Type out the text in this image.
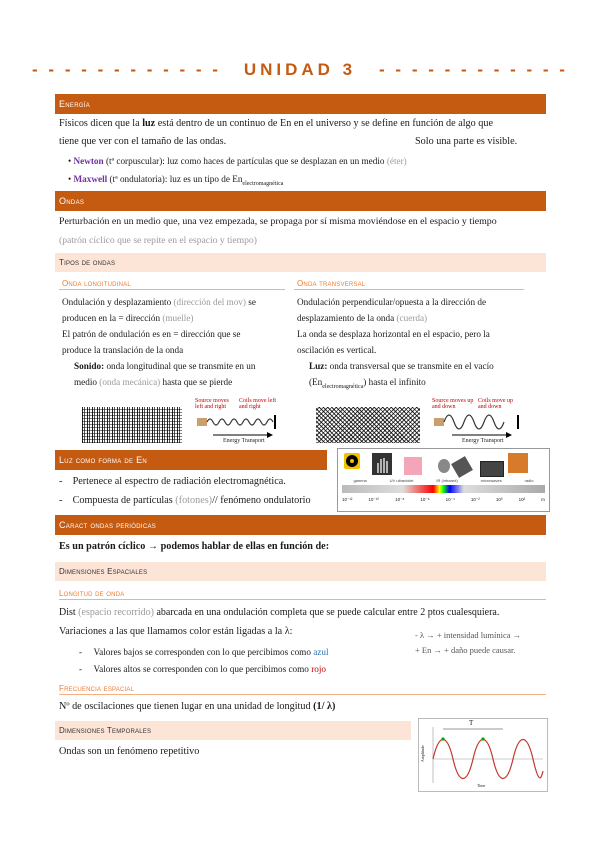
- - - - - - - - - - - - UNIDAD 3 - - - - - - - - - - - -
Energía
Físicos dicen que la luz está dentro de un continuo de En en el universo y se define en función de algo que
tiene que ver con el tamaño de las ondas.	Solo una parte es visible.
• Newton (tª corpuscular): luz como haces de partículas que se desplazan en un medio (éter)
• Maxwell (tª ondulatoria): luz es un tipo de $En_{electromagnética}$
Ondas
Perturbación en un medio que, una vez empezada, se propaga por sí misma moviéndose en el espacio y tiempo
(patrón cíclico que se repite en el espacio y tiempo)
Tipos de ondas
Onda longitudinal
Ondulación y desplazamiento (dirección del mov) se
producen en la = dirección (muelle)
El patrón de ondulación es en = dirección que se
produce la translación de la onda
Sonido: onda longitudinal que se transmite en un
medio (onda mecánica) hasta que se pierde
Source moves left and right
Coils move left and right
Energy Transport
Onda transversal
Ondulación perpendicular/opuesta a la dirección de
desplazamiento de la onda (cuerda)
La onda se desplaza horizontal en el espacio, pero la
oscilación es vertical.
Luz: onda transversal que se transmite en el vacío
$(En_{electromagnética})$ hasta el infinito
Source moves up and down
Coils move up and down
Energy Transport
Luz como forma de En
-    Pertenece al espectro de radiación electromagnética.
-    Compuesta de partículas (fotones)// fenómeno ondulatorio	10⁻¹²	10⁻¹⁰	10⁻⁸	10⁻⁶	10⁻⁴	10⁻²	10⁰	10²	m
gamma	UV ultraviolet	IR (infrared)	microwaves	radio
Caract ondas periódicas
Es un patrón cíclico → podemos hablar de ellas en función de:
Dimensiones Espaciales
Longitud de onda
Dist (espacio recorrido) abarcada en una ondulación completa que se puede calcular entre 2 ptos cualesquiera.
Variaciones a las que llamamos color están ligadas a la λ:
-     Valores bajos se corresponden con lo que percibimos como azul
-     Valores altos se corresponden con lo que percibimos como rojo
- λ → + intensidad lumínica →
+ En → + daño puede causar.
Frecuencia espacial
Nº de oscilaciones que tienen lugar en una unidad de longitud (1/ λ)
Dimensiones Temporales
Ondas son un fenómeno repetitivo
T
Amplitude
Time
